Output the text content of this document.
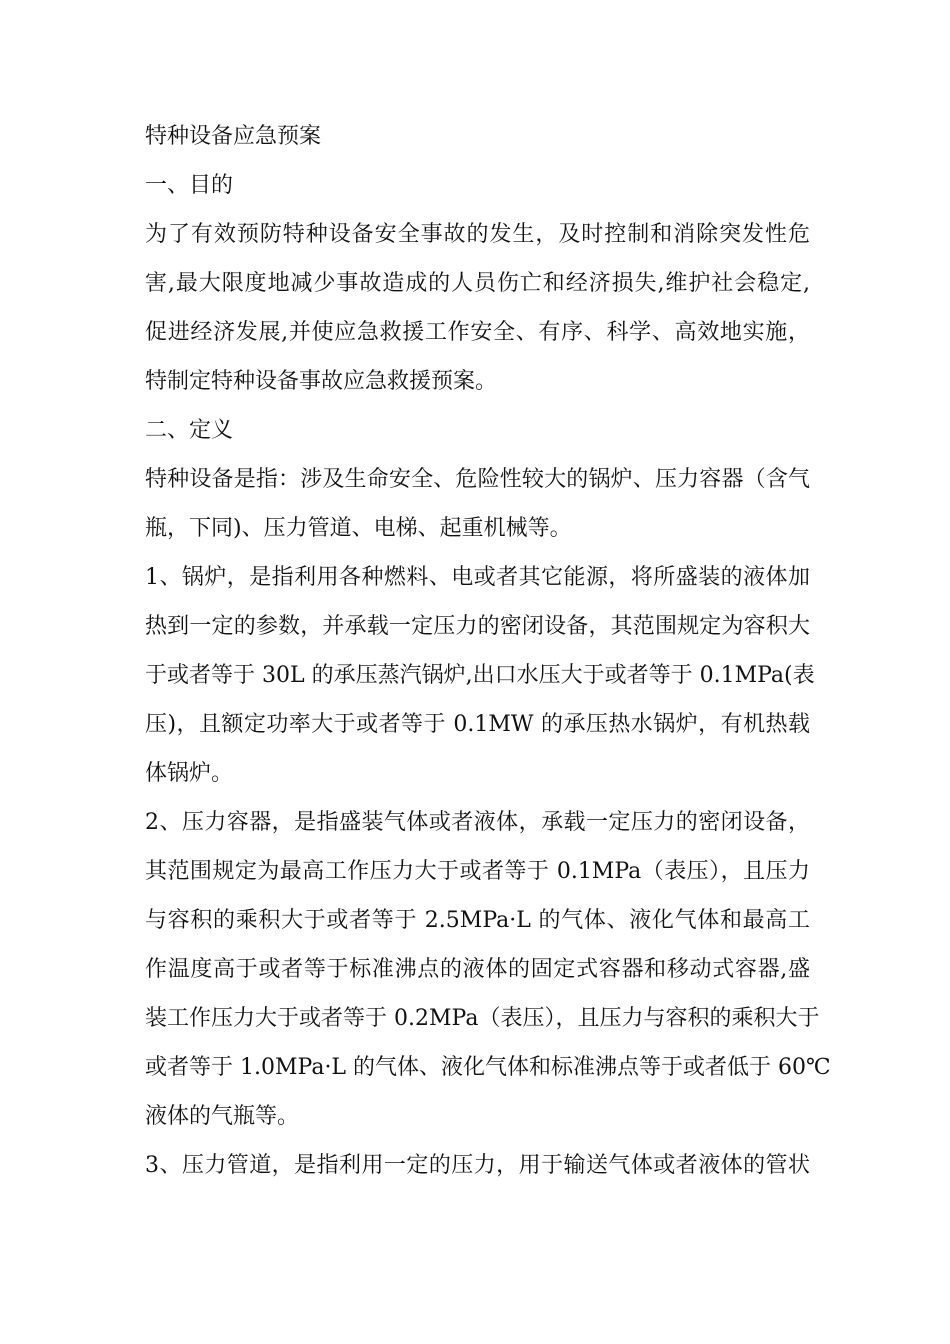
特种设备应急预案
一、目的
为了有效预防特种设备安全事故的发生，及时控制和消除突发性危
害,最大限度地减少事故造成的人员伤亡和经济损失,维护社会稳定,
促进经济发展,并使应急救援工作安全、有序、科学、高效地实施，
特制定特种设备事故应急救援预案。
二、定义
特种设备是指：涉及生命安全、危险性较大的锅炉、压力容器（含气
瓶，下同)、压力管道、电梯、起重机械等。
1、锅炉，是指利用各种燃料、电或者其它能源，将所盛装的液体加
热到一定的参数，并承载一定压力的密闭设备，其范围规定为容积大
于或者等于 30L 的承压蒸汽锅炉,出口水压大于或者等于 0.1MPa(表
压)，且额定功率大于或者等于 0.1MW 的承压热水锅炉，有机热载
体锅炉。
2、压力容器，是指盛装气体或者液体，承载一定压力的密闭设备，
其范围规定为最高工作压力大于或者等于 0.1MPa（表压），且压力
与容积的乘积大于或者等于 2.5MPa·L 的气体、液化气体和最高工
作温度高于或者等于标准沸点的液体的固定式容器和移动式容器,盛
装工作压力大于或者等于 0.2MPa（表压），且压力与容积的乘积大于
或者等于 1.0MPa·L 的气体、液化气体和标准沸点等于或者低于 60℃
液体的气瓶等。
3、压力管道，是指利用一定的压力，用于输送气体或者液体的管状
